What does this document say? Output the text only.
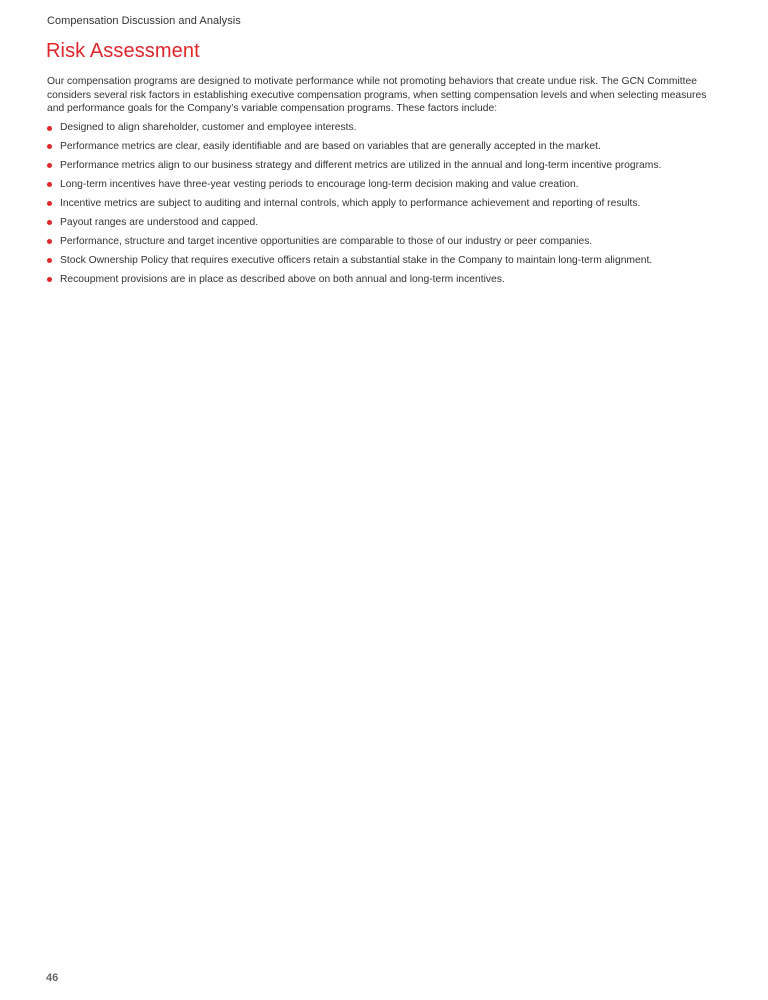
Compensation Discussion and Analysis
Risk Assessment

Our compensation programs are designed to motivate performance while not promoting behaviors that create undue risk. The GCN Committee considers several risk factors in establishing executive compensation programs, when setting compensation levels and when selecting measures and performance goals for the Company’s variable compensation programs. These factors include:

Designed to align shareholder, customer and employee interests.
Performance metrics are clear, easily identifiable and are based on variables that are generally accepted in the market.
Performance metrics align to our business strategy and different metrics are utilized in the annual and long-term incentive programs.
Long-term incentives have three-year vesting periods to encourage long-term decision making and value creation.
Incentive metrics are subject to auditing and internal controls, which apply to performance achievement and reporting of results.
Payout ranges are understood and capped.
Performance, structure and target incentive opportunities are comparable to those of our industry or peer companies.
Stock Ownership Policy that requires executive officers retain a substantial stake in the Company to maintain long-term alignment.
Recoupment provisions are in place as described above on both annual and long-term incentives.
46
